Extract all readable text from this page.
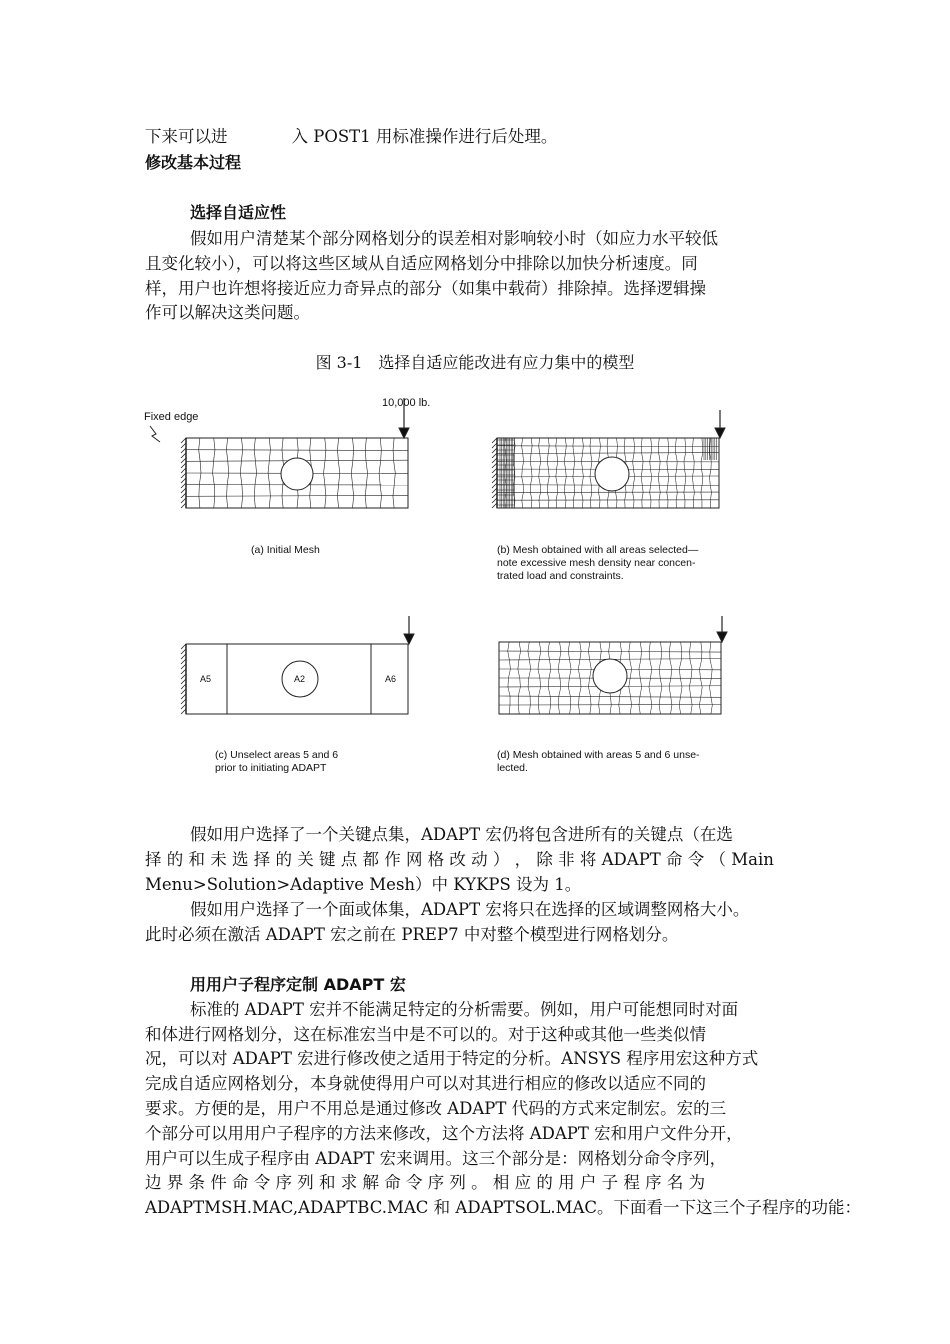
下来可以进	入 POST1 用标准操作进行后处理。
修改基本过程
选择自适应性
假如用户清楚某个部分网格划分的误差相对影响较小时（如应力水平较低
且变化较小），可以将这些区域从自适应网格划分中排除以加快分析速度。同
样，用户也许想将接近应力奇异点的部分（如集中载荷）排除掉。选择逻辑操
作可以解决这类问题。
图 3-1　选择自适应能改进有应力集中的模型
10,000 lb.
Fixed edge
A5	A2	A6
(a) Initial Mesh	(b) Mesh obtained with all areas selected—
note excessive mesh density near concen-
trated load and constraints.
(c) Unselect areas 5 and 6
prior to initiating ADAPT
(d) Mesh obtained with areas 5 and 6 unse-
lected.
假如用户选择了一个关键点集，ADAPT 宏仍将包含进所有的关键点（在选
择 的 和 未 选 择 的 关 键 点 都 作 网 格 改 动 ） ， 除 非 将 ADAPT 命 令 （ Main
Menu>Solution>Adaptive Mesh）中 KYKPS 设为 1。
假如用户选择了一个面或体集，ADAPT 宏将只在选择的区域调整网格大小。
此时必须在激活 ADAPT 宏之前在 PREP7 中对整个模型进行网格划分。
用用户子程序定制 ADAPT 宏
标准的 ADAPT 宏并不能满足特定的分析需要。例如，用户可能想同时对面
和体进行网格划分，这在标准宏当中是不可以的。对于这种或其他一些类似情
况，可以对 ADAPT 宏进行修改使之适用于特定的分析。ANSYS 程序用宏这种方式
完成自适应网格划分，本身就使得用户可以对其进行相应的修改以适应不同的
要求。方便的是，用户不用总是通过修改 ADAPT 代码的方式来定制宏。宏的三
个部分可以用用户子程序的方法来修改，这个方法将 ADAPT 宏和用户文件分开，
用户可以生成子程序由 ADAPT 宏来调用。这三个部分是：网格划分命令序列，
边 界 条 件 命 令 序 列 和 求 解 命 令 序 列 。 相 应 的 用 户 子 程 序 名 为
ADAPTMSH.MAC,ADAPTBC.MAC 和 ADAPTSOL.MAC。下面看一下这三个子程序的功能：
